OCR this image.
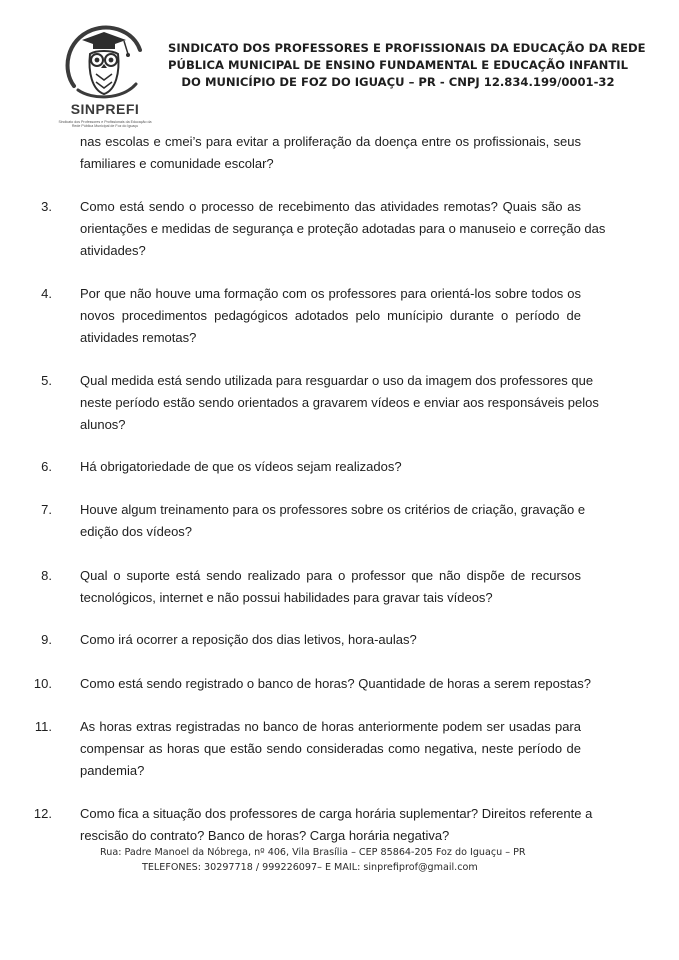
SINPREFI
Sindicato dos Professores e Profissionais da Educação da Rede Pública Municipal de Foz do Iguaçu
SINDICATO DOS PROFESSORES E PROFISSIONAIS DA EDUCAÇÃO DA REDE
PÚBLICA MUNICIPAL DE ENSINO FUNDAMENTAL E EDUCAÇÃO INFANTIL
DO MUNICÍPIO DE FOZ DO IGUAÇU – PR - CNPJ 12.834.199/0001-32
nas escolas e cmei’s para evitar a proliferação da doença entre os profissionais, seus
familiares e comunidade escolar?
3. Como está sendo o processo de recebimento das atividades remotas? Quais são as
orientações e medidas de segurança e proteção adotadas para o manuseio e correção das
atividades?
4. Por que não houve uma formação com os professores para orientá-los sobre todos os
novos procedimentos pedagógicos adotados pelo munícipio durante o período de
atividades remotas?
5. Qual medida está sendo utilizada para resguardar o uso da imagem dos professores que
neste período estão sendo orientados a gravarem vídeos e enviar aos responsáveis pelos
alunos?
6. Há obrigatoriedade de que os vídeos sejam realizados?
7. Houve algum treinamento para os professores sobre os critérios de criação, gravação e
edição dos vídeos?
8. Qual o suporte está sendo realizado para o professor que não dispõe de recursos
tecnológicos, internet e não possui habilidades para gravar tais vídeos?
9. Como irá ocorrer a reposição dos dias letivos, hora-aulas?
10. Como está sendo registrado o banco de horas? Quantidade de horas a serem repostas?
11. As horas extras registradas no banco de horas anteriormente podem ser usadas para
compensar as horas que estão sendo consideradas como negativa, neste período de
pandemia?
12. Como fica a situação dos professores de carga horária suplementar? Direitos referente a
rescisão do contrato? Banco de horas? Carga horária negativa?
Rua: Padre Manoel da Nóbrega, nº 406, Vila Brasília – CEP 85864-205 Foz do Iguaçu – PR
TELEFONES: 30297718 / 999226097– E MAIL: sinprefiprof@gmail.com
